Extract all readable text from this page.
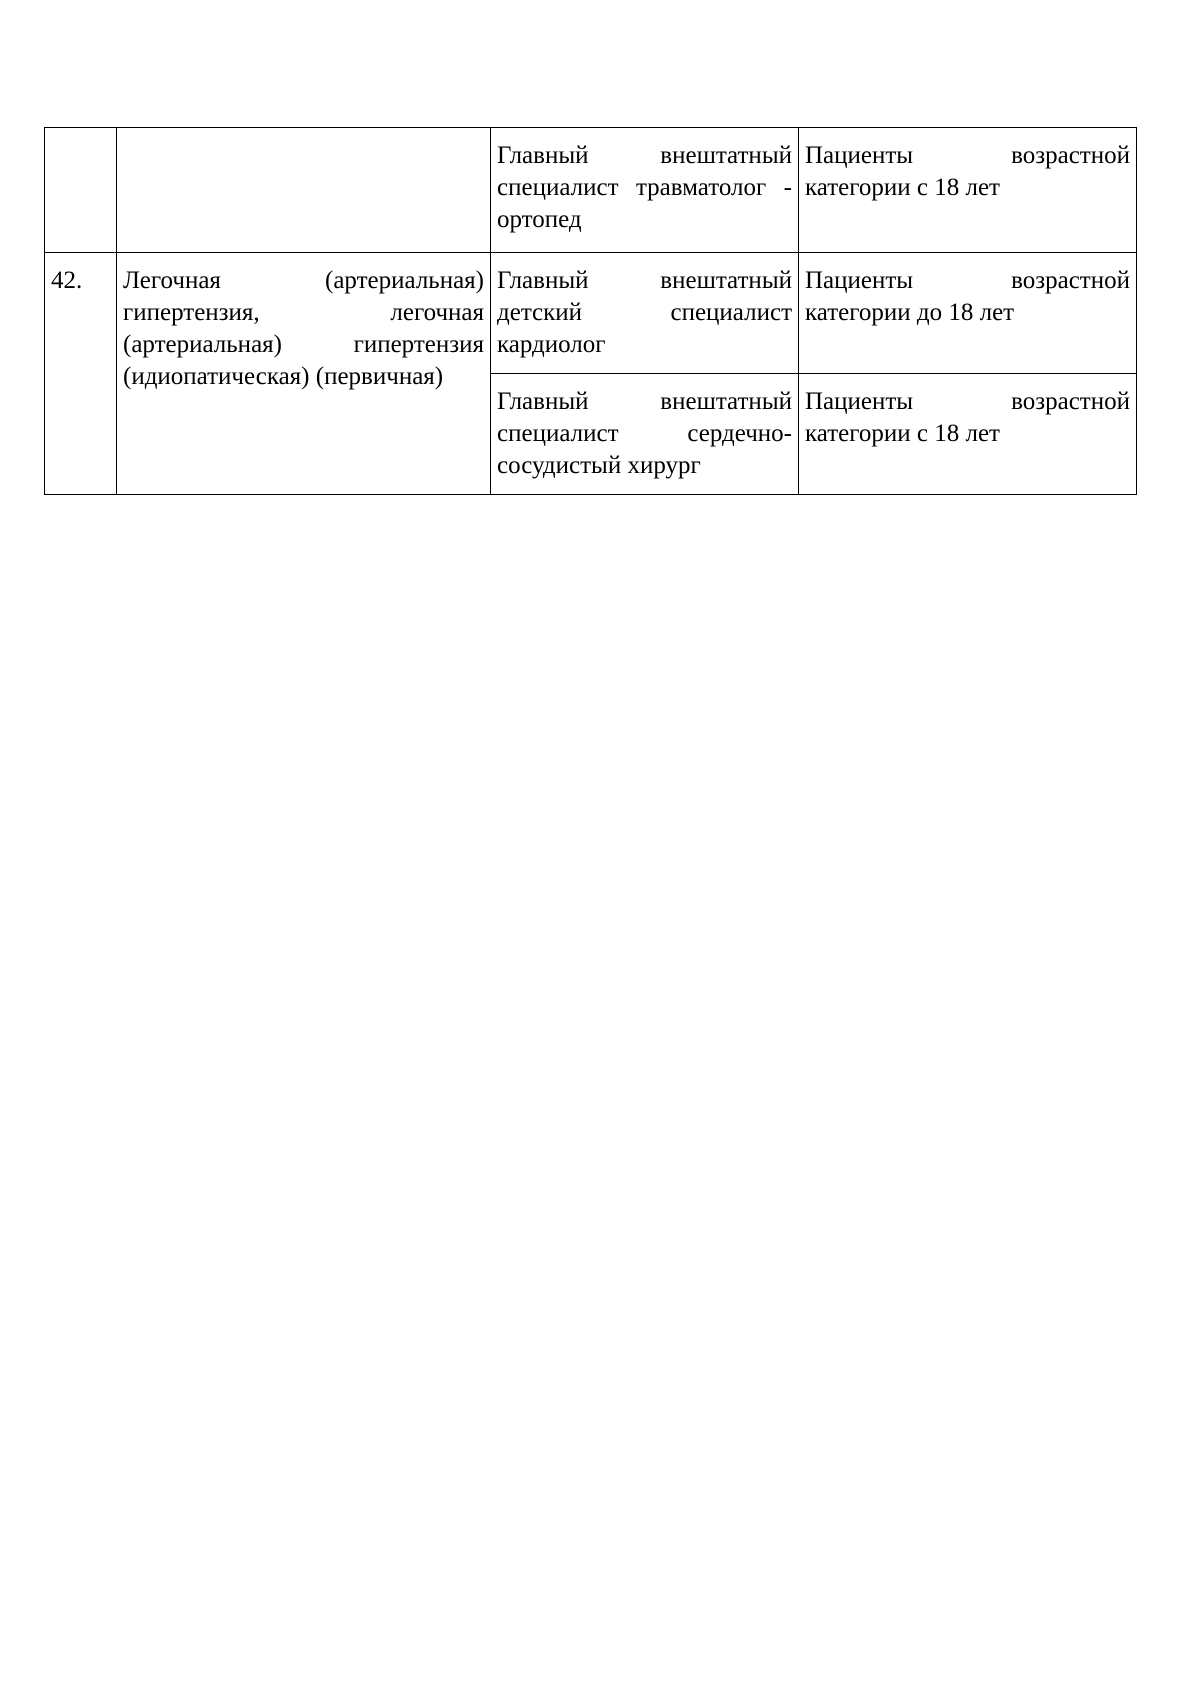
		Главный внештатный специалист травматолог - ортопед	Пациенты возрастной категории с 18 лет
42.	Легочная (артериальная) гипертензия, легочная (артериальная) гипертензия (идиопатическая) (первичная)	Главный внештатный детский специалист кардиолог	Пациенты возрастной категории до 18 лет
		Главный внештатный специалист сердечно-сосудистый хирург	Пациенты возрастной категории с 18 лет
